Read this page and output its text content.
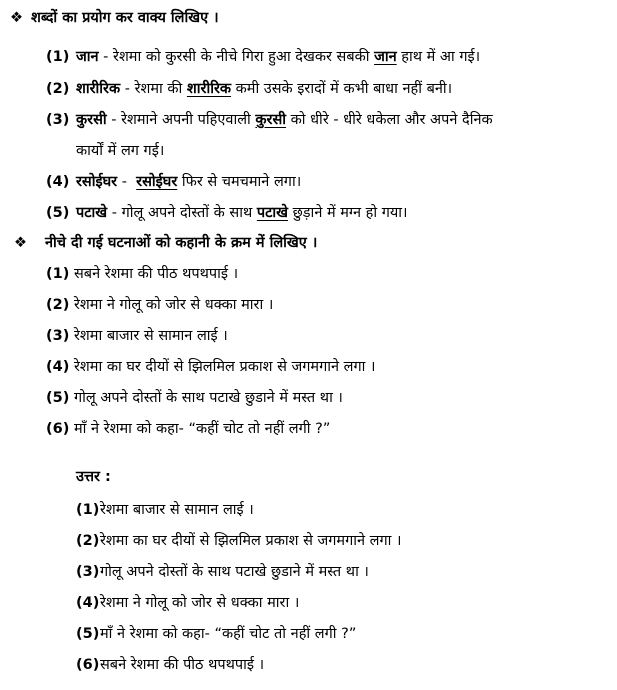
❖ शब्दों का प्रयोग कर वाक्य लिखिए ।
(1) जान - रेशमा को कुरसी के नीचे गिरा हुआ देखकर सबकी जान हाथ में आ गई।
(2) शारीरिक - रेशमा की शारीरिक कमी उसके इरादों में कभी बाधा नहीं बनी।
(3) कुरसी - रेशमाने अपनी पहिएवाली कुरसी को धीरे - धीरे धकेला और अपने दैनिक
कार्यों में लग गई।
(4) रसोईघर -  रसोईघर फिर से चमचमाने लगा।
(5) पटाखे - गोलू अपने दोस्तों के साथ पटाखे छुड़ाने में मग्न हो गया।
❖ नीचे दी गई घटनाओं को कहानी के क्रम में लिखिए ।
(1) सबने रेशमा की पीठ थपथपाई ।
(2) रेशमा ने गोलू को जोर से धक्का मारा ।
(3) रेशमा बाजार से सामान लाई ।
(4) रेशमा का घर दीयों से झिलमिल प्रकाश से जगमगाने लगा ।
(5) गोलू अपने दोस्तों के साथ पटाखे छुडाने में मस्त था ।
(6) माँ ने रेशमा को कहा- “कहीं चोट तो नहीं लगी ?”
उत्तर :
(1)रेशमा बाजार से सामान लाई ।
(2)रेशमा का घर दीयों से झिलमिल प्रकाश से जगमगाने लगा ।
(3)गोलू अपने दोस्तों के साथ पटाखे छुडाने में मस्त था ।
(4)रेशमा ने गोलू को जोर से धक्का मारा ।
(5)माँ ने रेशमा को कहा- “कहीं चोट तो नहीं लगी ?”
(6)सबने रेशमा की पीठ थपथपाई ।
